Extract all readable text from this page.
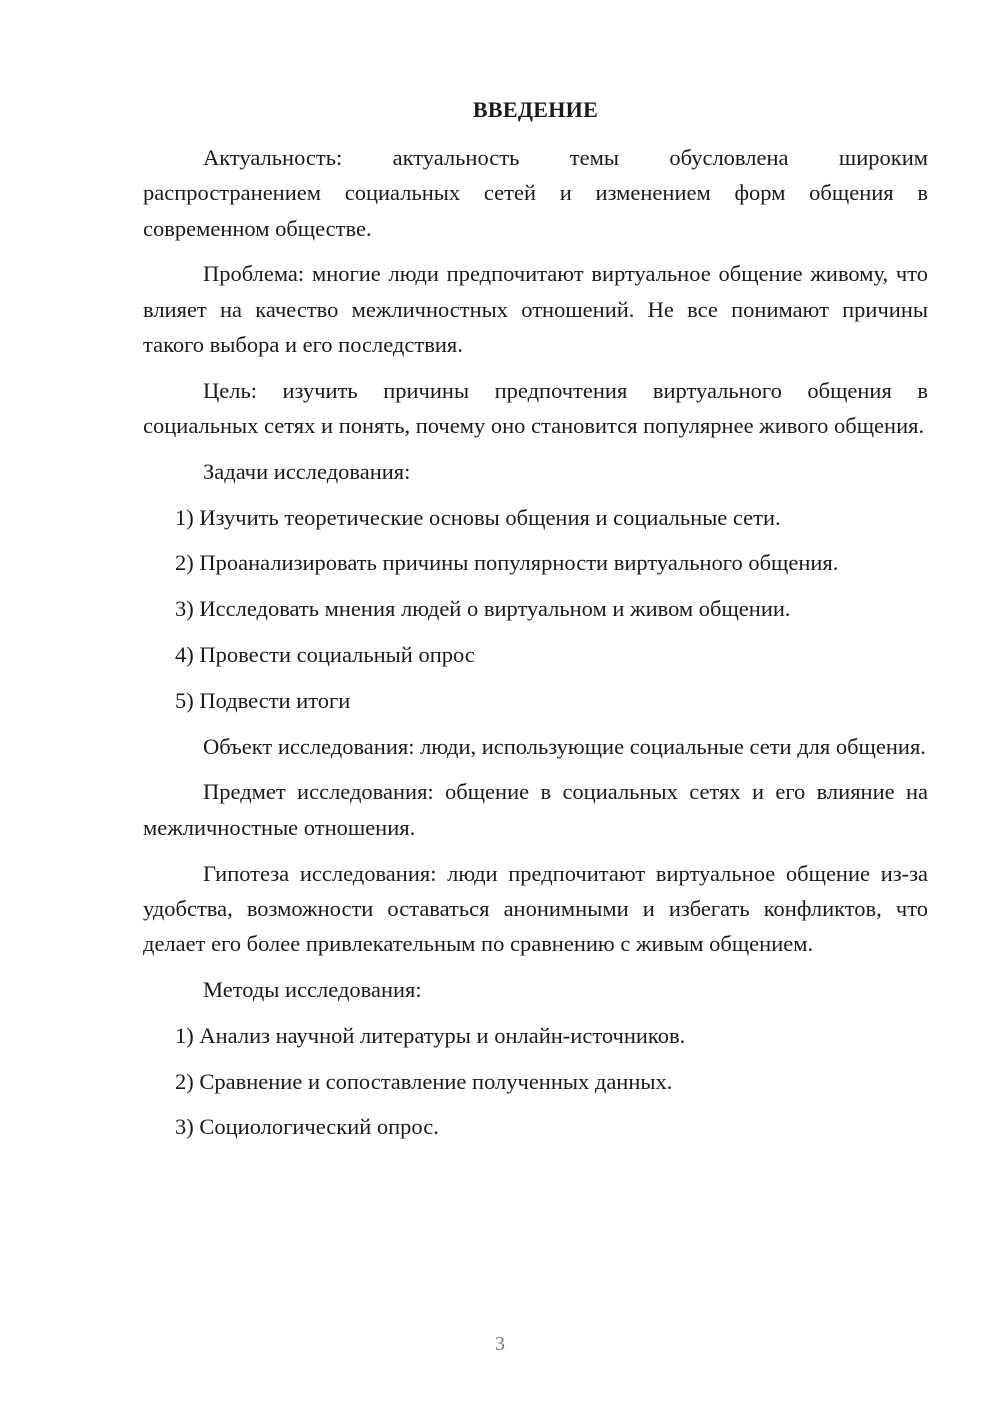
ВВЕДЕНИЕ

Актуальность: актуальность темы обусловлена широким распространением социальных сетей и изменением форм общения в современном обществе.

Проблема: многие люди предпочитают виртуальное общение живому, что влияет на качество межличностных отношений. Не все понимают причины такого выбора и его последствия.

Цель: изучить причины предпочтения виртуального общения в социальных сетях и понять, почему оно становится популярнее живого общения.

Задачи исследования:

1) Изучить теоретические основы общения и социальные сети.

2) Проанализировать причины популярности виртуального общения.

3) Исследовать мнения людей о виртуальном и живом общении.

4) Провести социальный опрос

5) Подвести итоги

Объект исследования: люди, использующие социальные сети для общения.

Предмет исследования: общение в социальных сетях и его влияние на межличностные отношения.

Гипотеза исследования: люди предпочитают виртуальное общение из-за удобства, возможности оставаться анонимными и избегать конфликтов, что делает его более привлекательным по сравнению с живым общением.

Методы исследования:

1) Анализ научной литературы и онлайн-источников.

2) Сравнение и сопоставление полученных данных.

3) Социологический опрос.

3
